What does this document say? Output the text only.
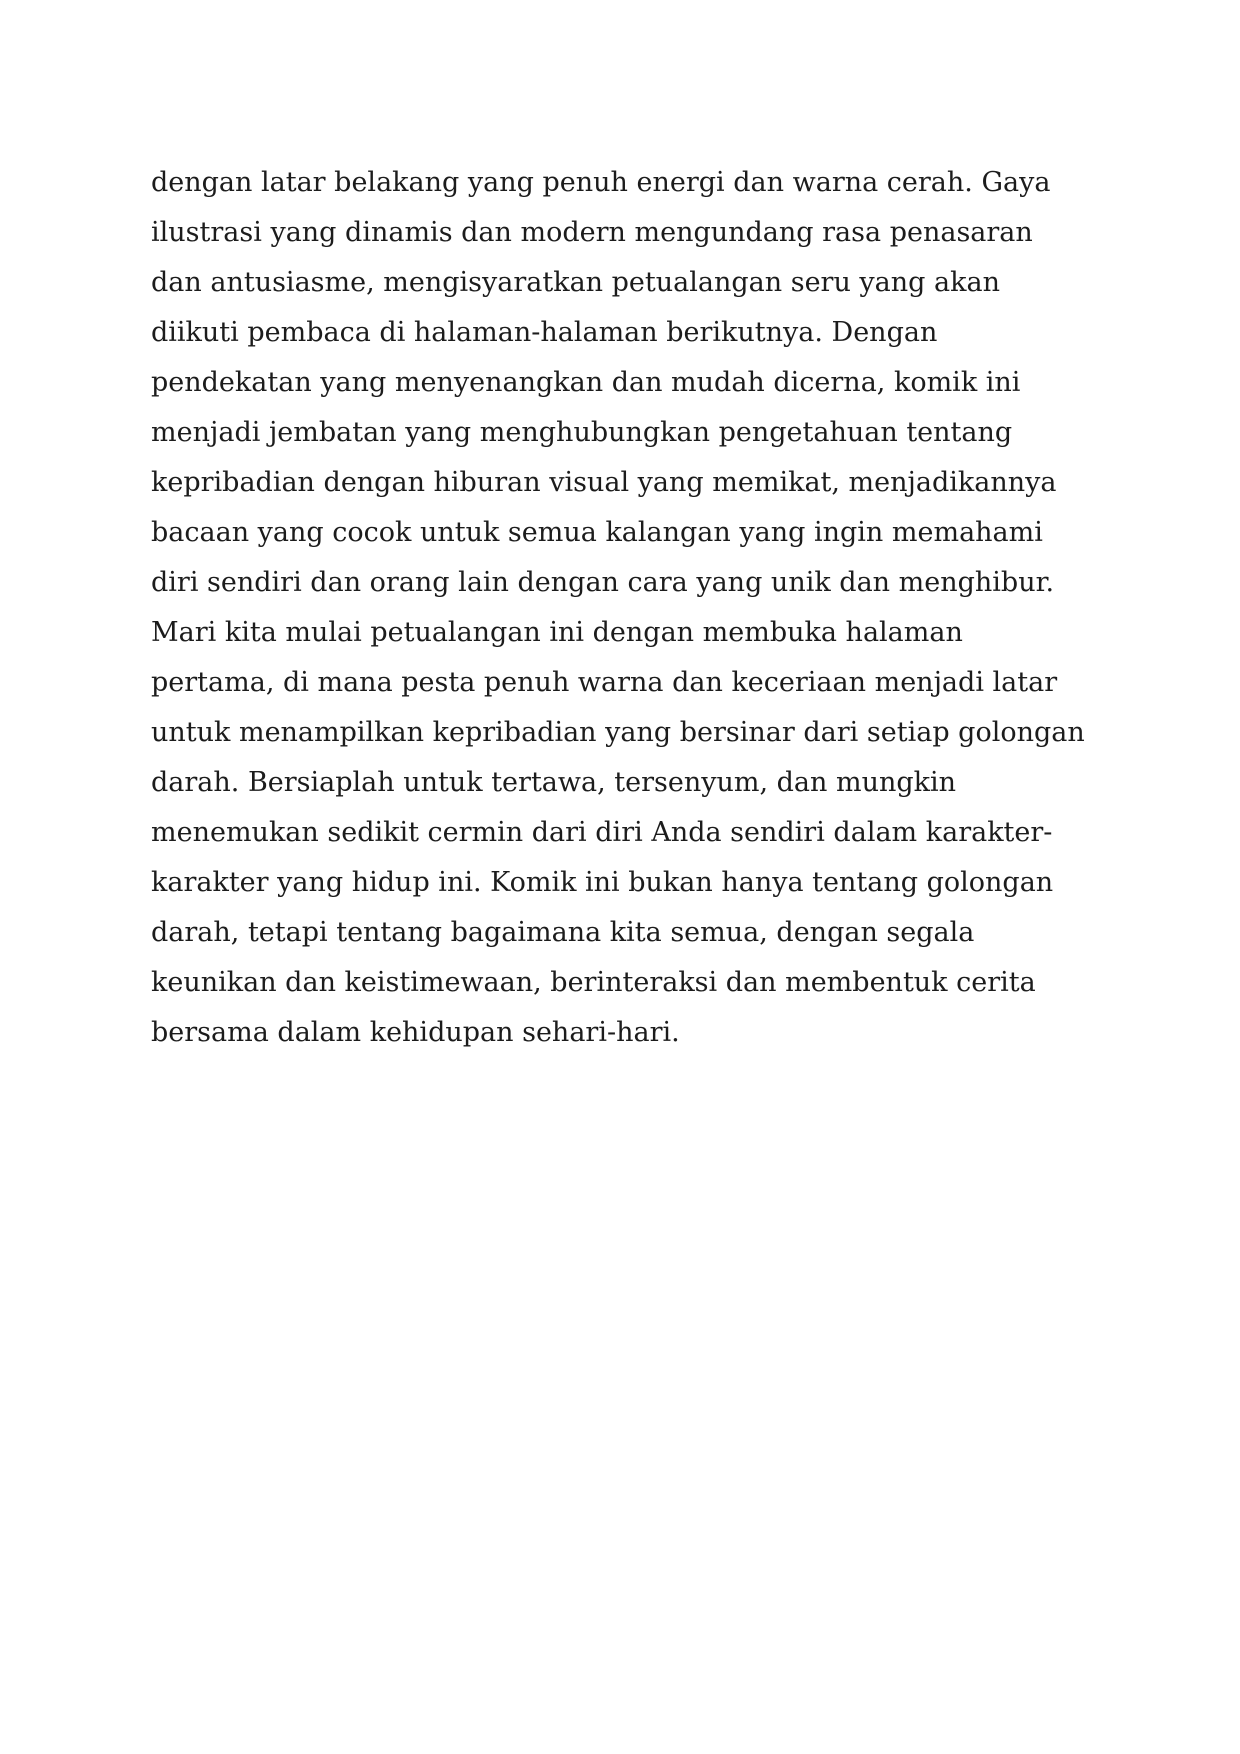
dengan latar belakang yang penuh energi dan warna cerah. Gaya
ilustrasi yang dinamis dan modern mengundang rasa penasaran
dan antusiasme, mengisyaratkan petualangan seru yang akan
diikuti pembaca di halaman-halaman berikutnya. Dengan
pendekatan yang menyenangkan dan mudah dicerna, komik ini
menjadi jembatan yang menghubungkan pengetahuan tentang
kepribadian dengan hiburan visual yang memikat, menjadikannya
bacaan yang cocok untuk semua kalangan yang ingin memahami
diri sendiri dan orang lain dengan cara yang unik dan menghibur.
Mari kita mulai petualangan ini dengan membuka halaman
pertama, di mana pesta penuh warna dan keceriaan menjadi latar
untuk menampilkan kepribadian yang bersinar dari setiap golongan
darah. Bersiaplah untuk tertawa, tersenyum, dan mungkin
menemukan sedikit cermin dari diri Anda sendiri dalam karakter-
karakter yang hidup ini. Komik ini bukan hanya tentang golongan
darah, tetapi tentang bagaimana kita semua, dengan segala
keunikan dan keistimewaan, berinteraksi dan membentuk cerita
bersama dalam kehidupan sehari-hari.
